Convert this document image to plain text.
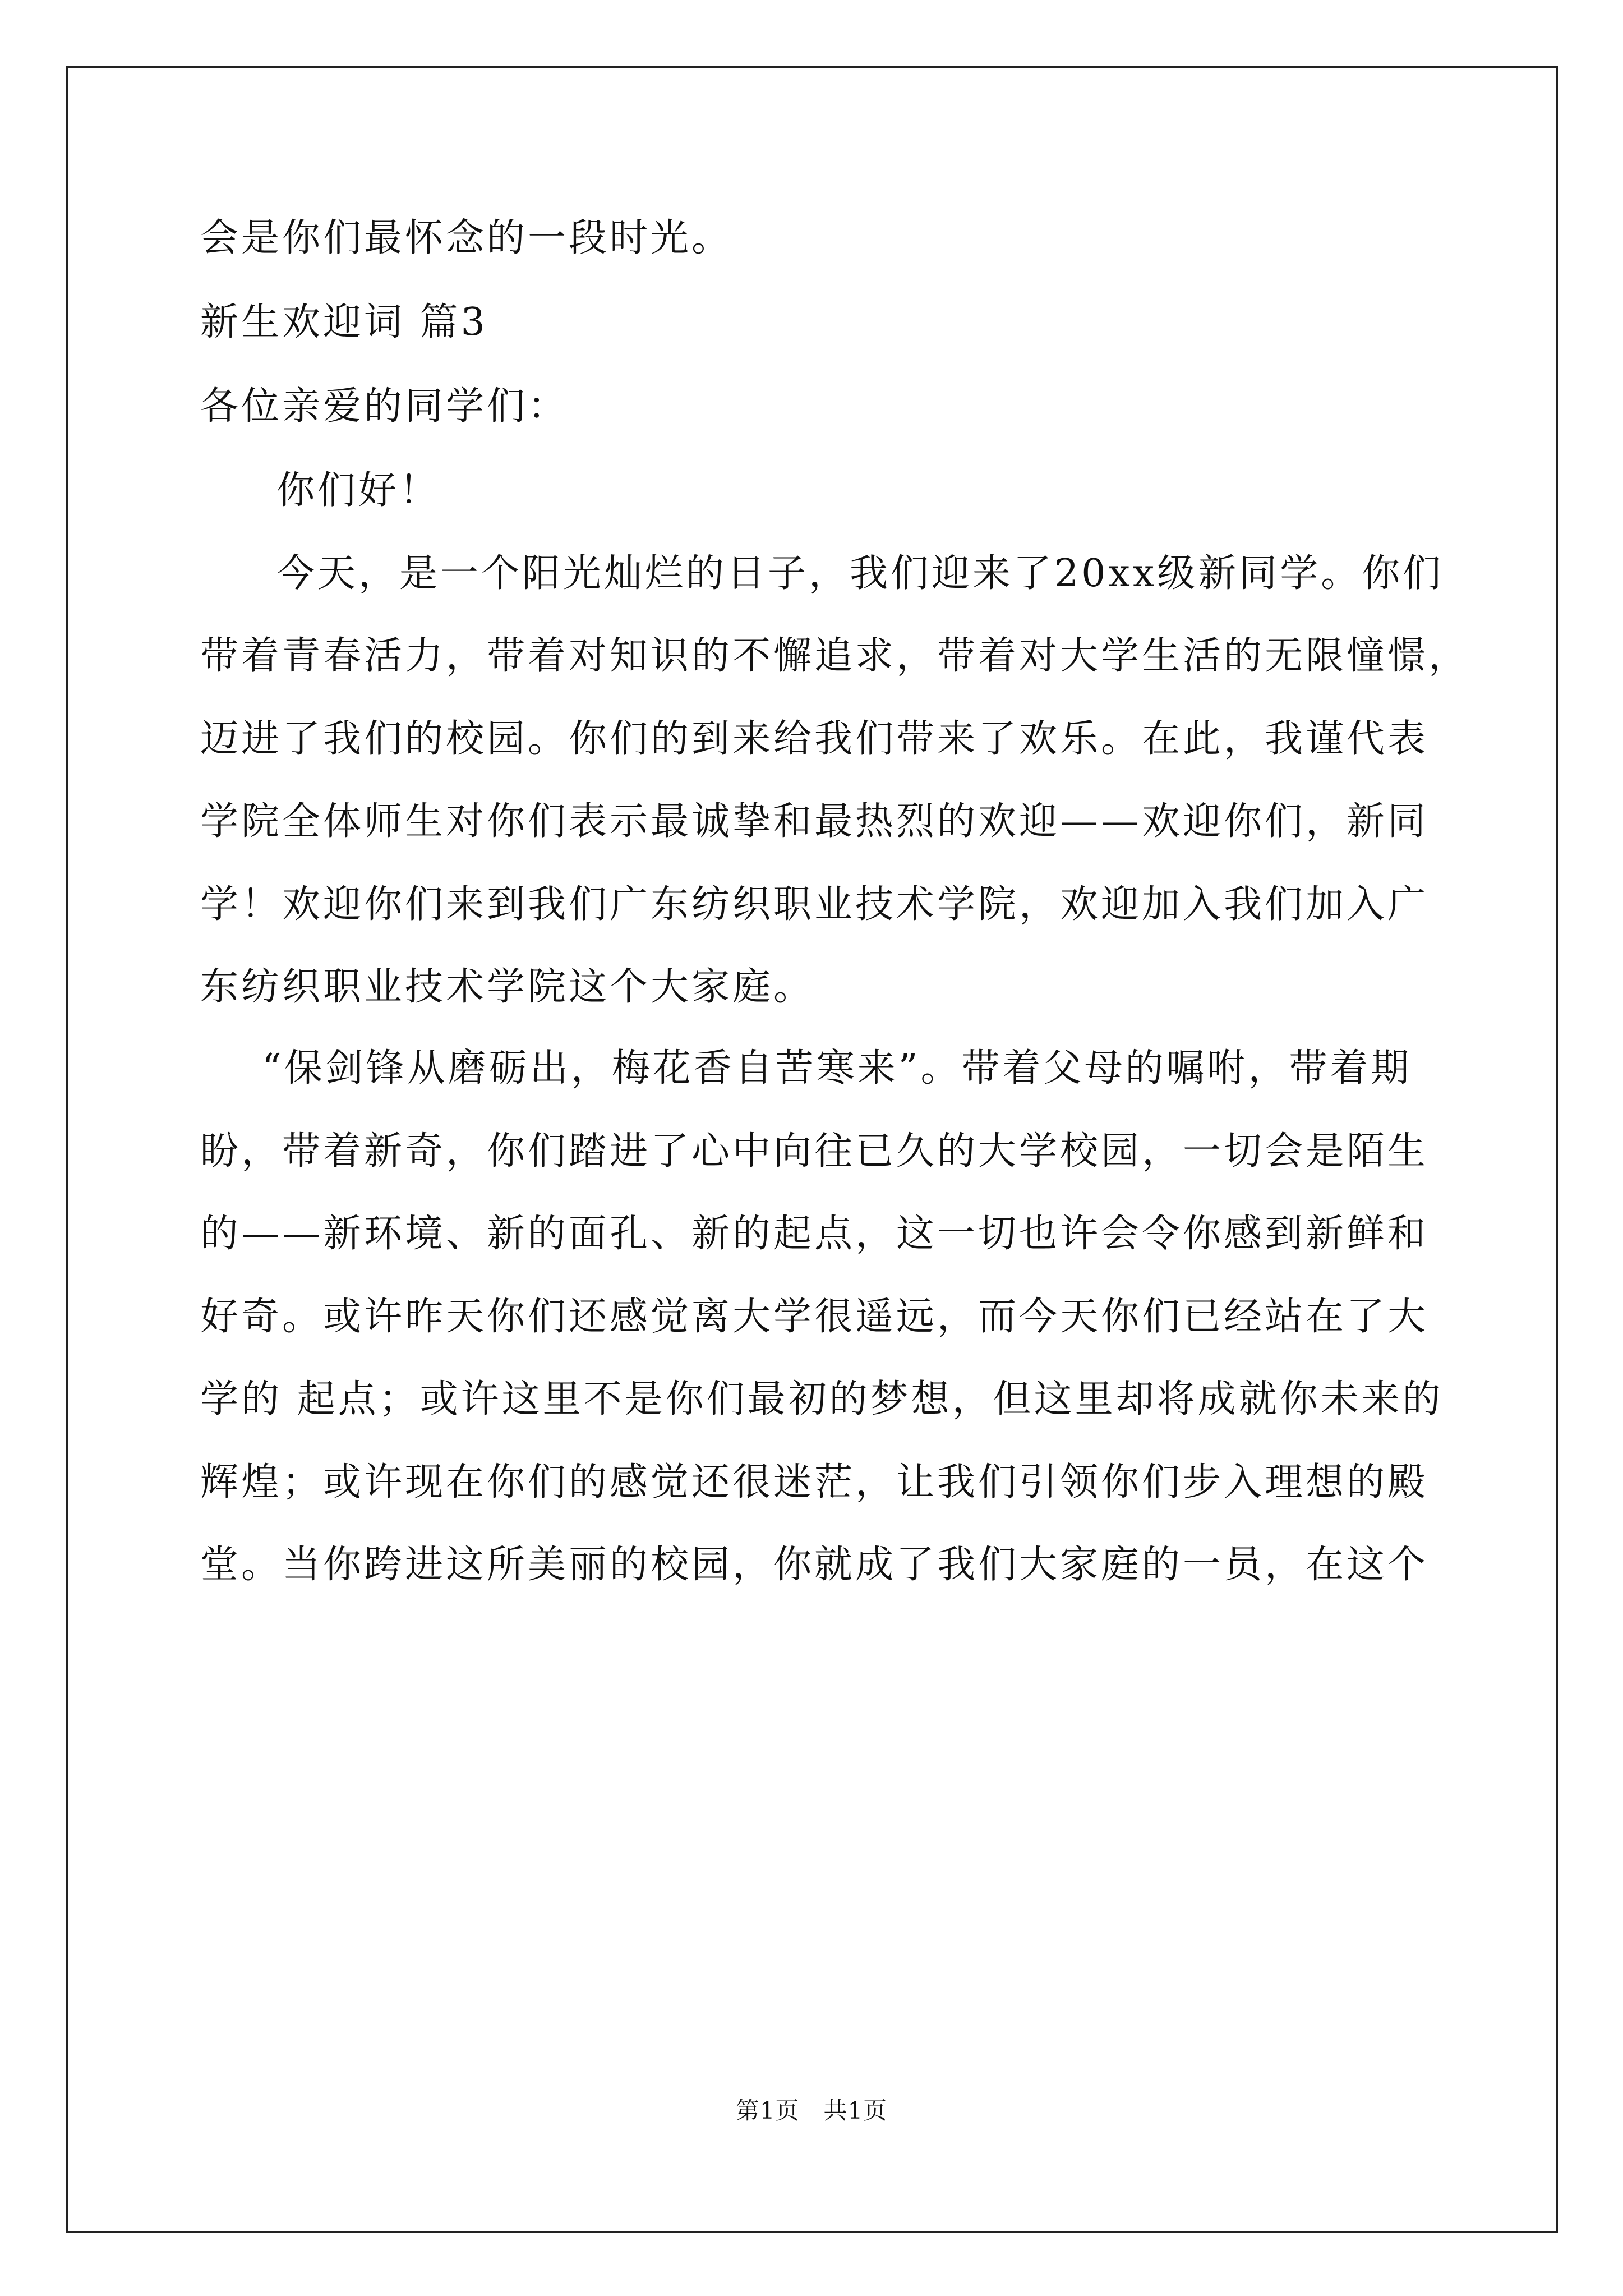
会是你们最怀念的一段时光。
新生欢迎词 篇3
各位亲爱的同学们：
你们好！
今天，是一个阳光灿烂的日子，我们迎来了20xx级新同学。你们
带着青春活力，带着对知识的不懈追求，带着对大学生活的无限憧憬，
迈进了我们的校园。你们的到来给我们带来了欢乐。在此，我谨代表
学院全体师生对你们表示最诚挚和最热烈的欢迎——欢迎你们，新同
学！欢迎你们来到我们广东纺织职业技术学院，欢迎加入我们加入广
东纺织职业技术学院这个大家庭。
“保剑锋从磨砺出，梅花香自苦寒来”。带着父母的嘱咐，带着期
盼，带着新奇，你们踏进了心中向往已久的大学校园，一切会是陌生
的——新环境、新的面孔、新的起点，这一切也许会令你感到新鲜和
好奇。或许昨天你们还感觉离大学很遥远，而今天你们已经站在了大
学的 起点；或许这里不是你们最初的梦想，但这里却将成就你未来的
辉煌；或许现在你们的感觉还很迷茫，让我们引领你们步入理想的殿
堂。当你跨进这所美丽的校园，你就成了我们大家庭的一员，在这个
第1页　共1页
